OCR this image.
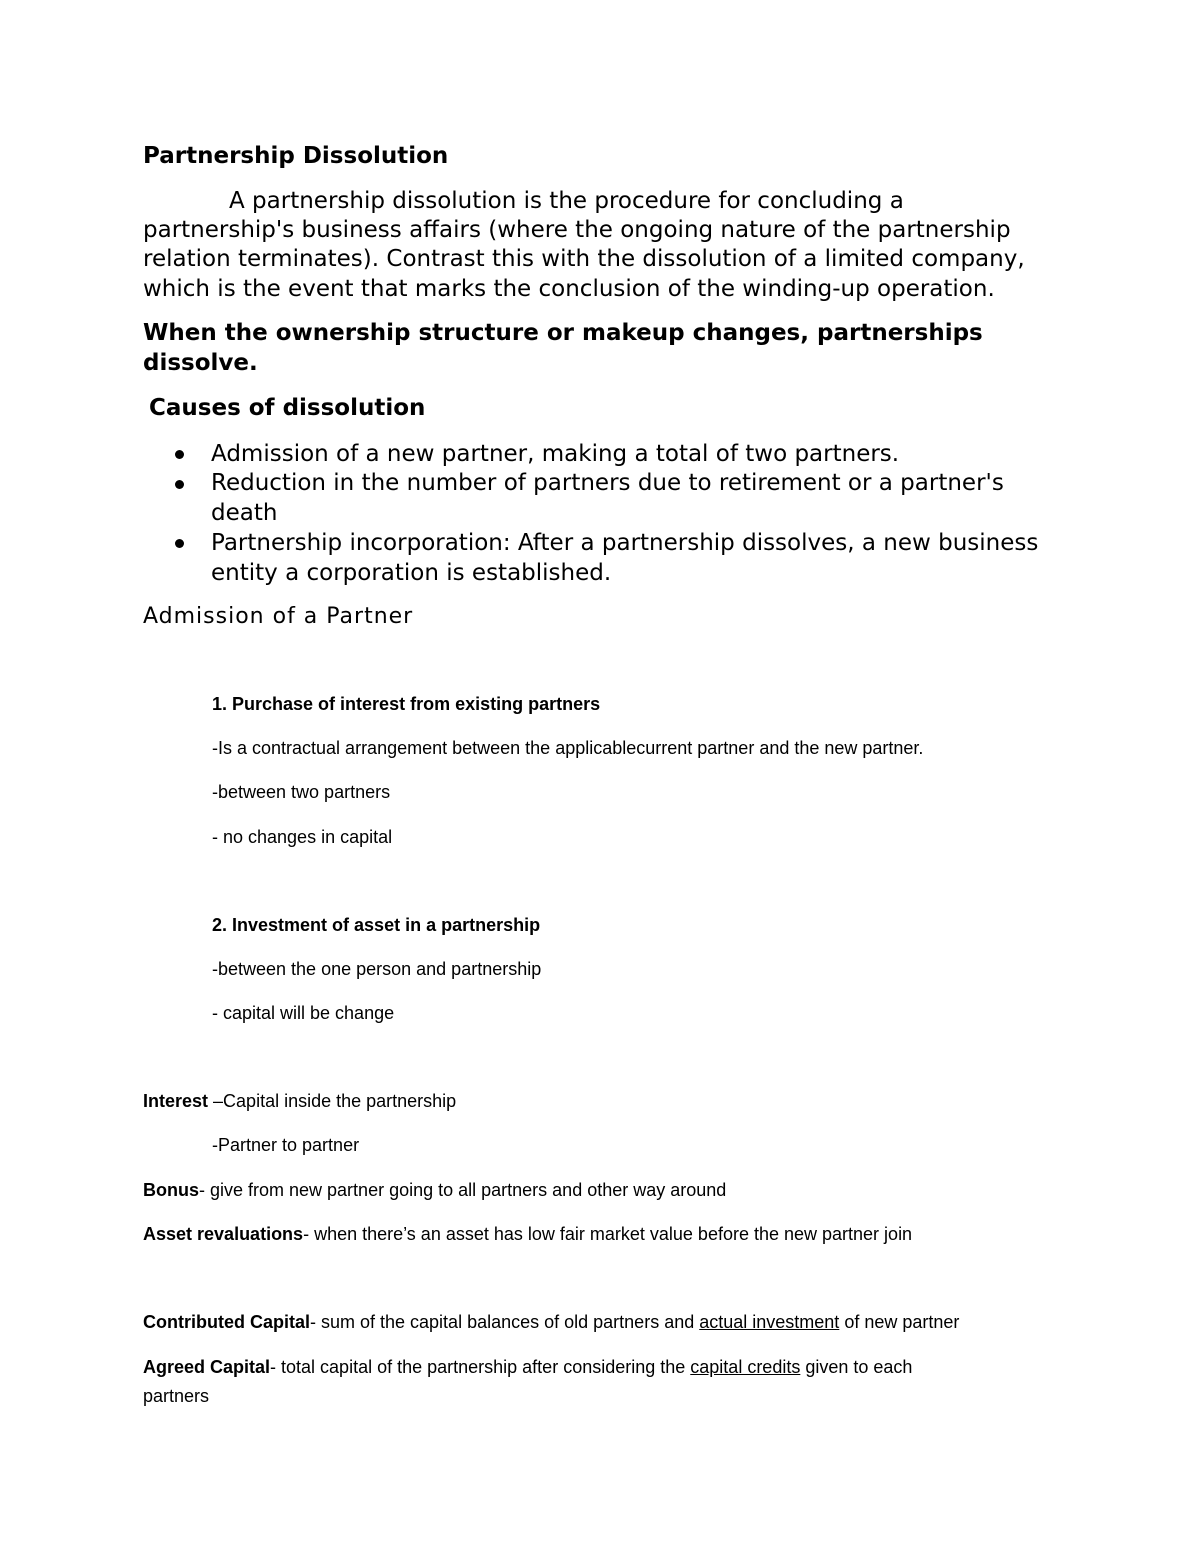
Partnership Dissolution
A partnership dissolution is the procedure for concluding a
partnership's business affairs (where the ongoing nature of the partnership
relation terminates). Contrast this with the dissolution of a limited company,
which is the event that marks the conclusion of the winding-up operation.
When the ownership structure or makeup changes, partnerships
dissolve.
Causes of dissolution
Admission of a new partner, making a total of two partners.
Reduction in the number of partners due to retirement or a partner's
death
Partnership incorporation: After a partnership dissolves, a new business
entity a corporation is established.
Admission of a Partner
1. Purchase of interest from existing partners
-Is a contractual arrangement between the applicablecurrent partner and the new partner.
-between two partners
- no changes in capital
2. Investment of asset in a partnership
-between the one person and partnership
- capital will be change
Interest –Capital inside the partnership
-Partner to partner
Bonus- give from new partner going to all partners and other way around
Asset revaluations- when there’s an asset has low fair market value before the new partner join
Contributed Capital- sum of the capital balances of old partners and actual investment of new partner
Agreed Capital- total capital of the partnership after considering the capital credits given to each
partners
